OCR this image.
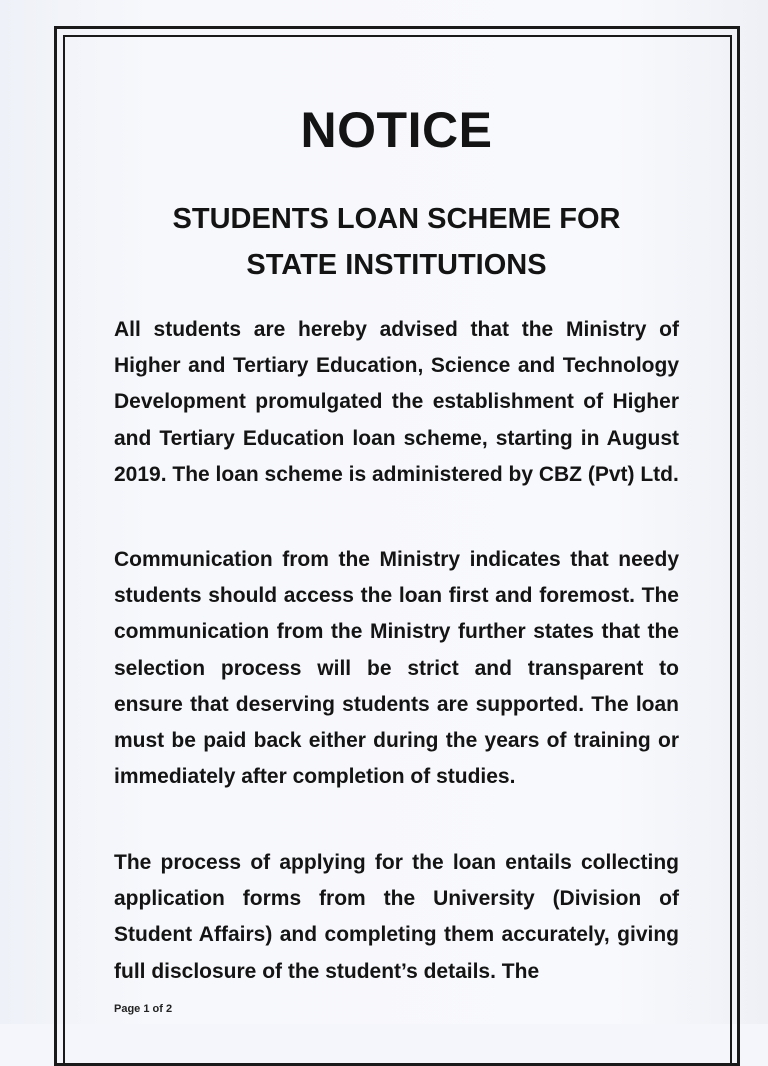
NOTICE
STUDENTS LOAN SCHEME FOR
STATE INSTITUTIONS

All students are hereby advised that the Ministry of Higher and Tertiary Education, Science and Technology Development promulgated the establishment of Higher and Tertiary Education loan scheme, starting in August 2019. The loan scheme is administered by CBZ (Pvt) Ltd.

Communication from the Ministry indicates that needy students should access the loan first and foremost. The communication from the Ministry further states that the selection process will be strict and transparent to ensure that deserving students are supported. The loan must be paid back either during the years of training or immediately after completion of studies.

The process of applying for the loan entails collecting application forms from the University (Division of Student Affairs) and completing them accurately, giving full disclosure of the student’s details. The

Page 1 of 2
